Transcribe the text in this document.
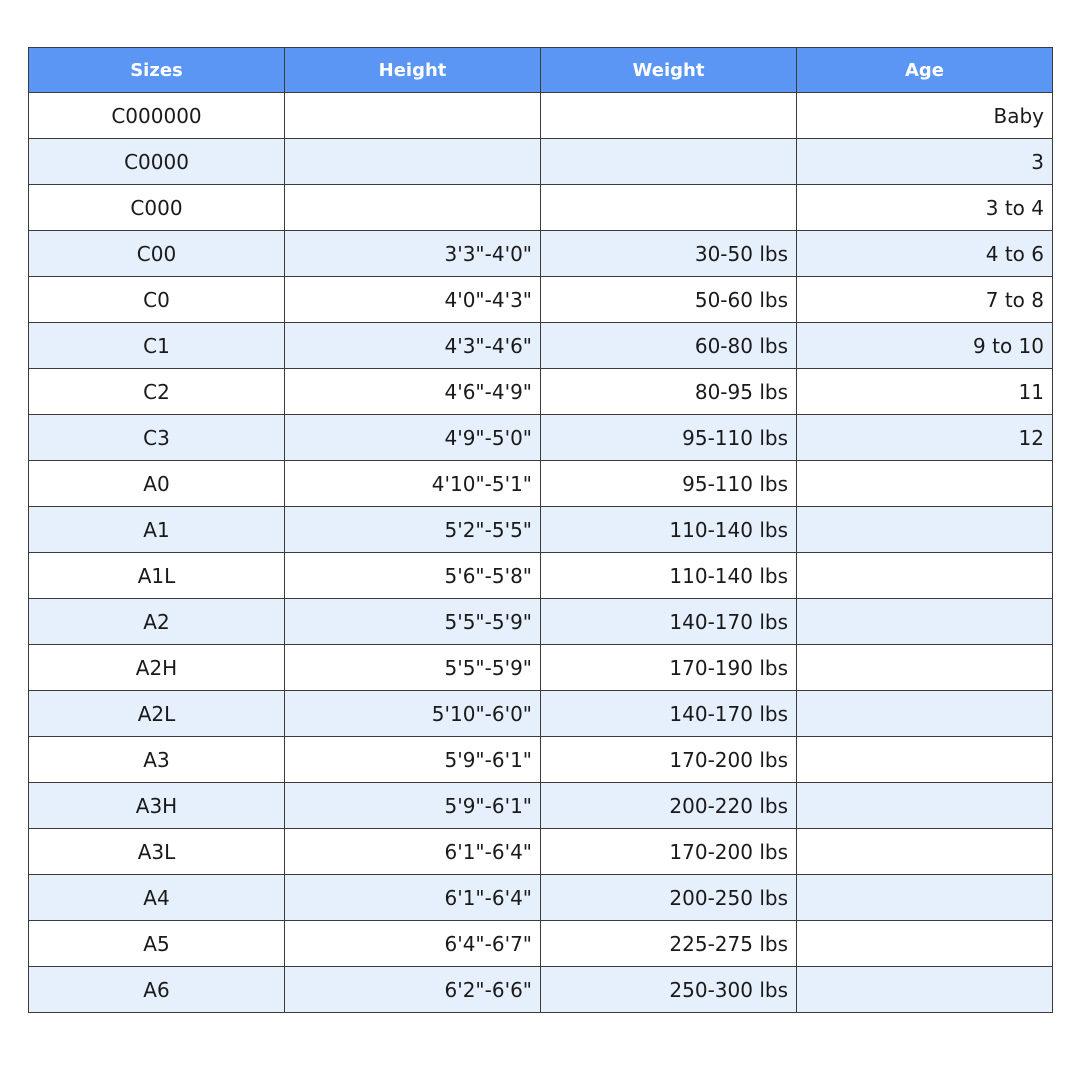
Sizes	Height	Weight	Age
C000000			Baby
C0000			3
C000			3 to 4
C00	3'3"-4'0"	30-50 lbs	4 to 6
C0	4'0"-4'3"	50-60 lbs	7 to 8
C1	4'3"-4'6"	60-80 lbs	9 to 10
C2	4'6"-4'9"	80-95 lbs	11
C3	4'9"-5'0"	95-110 lbs	12
A0	4'10"-5'1"	95-110 lbs	
A1	5'2"-5'5"	110-140 lbs	
A1L	5'6"-5'8"	110-140 lbs	
A2	5'5"-5'9"	140-170 lbs	
A2H	5'5"-5'9"	170-190 lbs	
A2L	5'10"-6'0"	140-170 lbs	
A3	5'9"-6'1"	170-200 lbs	
A3H	5'9"-6'1"	200-220 lbs	
A3L	6'1"-6'4"	170-200 lbs	
A4	6'1"-6'4"	200-250 lbs	
A5	6'4"-6'7"	225-275 lbs	
A6	6'2"-6'6"	250-300 lbs	
